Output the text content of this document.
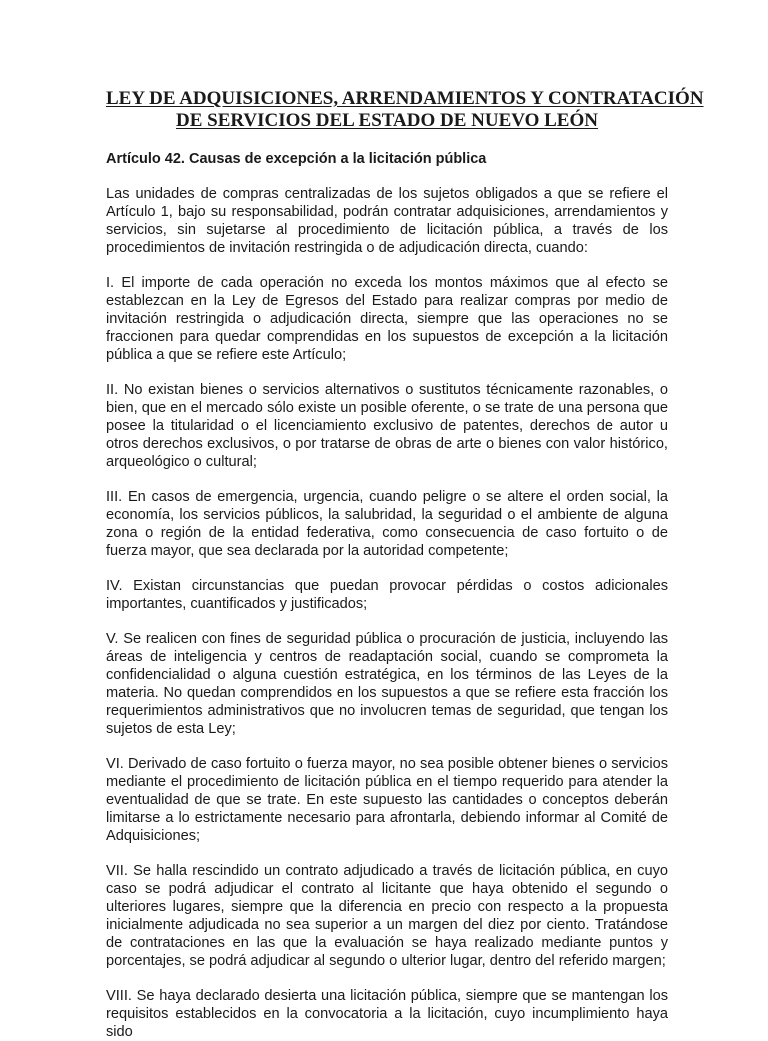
LEY DE ADQUISICIONES, ARRENDAMIENTOS Y CONTRATACIÓN
DE SERVICIOS DEL ESTADO DE NUEVO LEÓN
Artículo 42. Causas de excepción a la licitación pública

Las unidades de compras centralizadas de los sujetos obligados a que se refiere el Artículo 1, bajo su responsabilidad, podrán contratar adquisiciones, arrendamientos y servicios, sin sujetarse al procedimiento de licitación pública, a través de los procedimientos de invitación restringida o de adjudicación directa, cuando:

I. El importe de cada operación no exceda los montos máximos que al efecto se establezcan en la Ley de Egresos del Estado para realizar compras por medio de invitación restringida o adjudicación directa, siempre que las operaciones no se fraccionen para quedar comprendidas en los supuestos de excepción a la licitación pública a que se refiere este Artículo;

II. No existan bienes o servicios alternativos o sustitutos técnicamente razonables, o bien, que en el mercado sólo existe un posible oferente, o se trate de una persona que posee la titularidad o el licenciamiento exclusivo de patentes, derechos de autor u otros derechos exclusivos, o por tratarse de obras de arte o bienes con valor histórico, arqueológico o cultural;

III. En casos de emergencia, urgencia, cuando peligre o se altere el orden social, la economía, los servicios públicos, la salubridad, la seguridad o el ambiente de alguna zona o región de la entidad federativa, como consecuencia de caso fortuito o de fuerza mayor, que sea declarada por la autoridad competente;

IV. Existan circunstancias que puedan provocar pérdidas o costos adicionales importantes, cuantificados y justificados;

V. Se realicen con fines de seguridad pública o procuración de justicia, incluyendo las áreas de inteligencia y centros de readaptación social, cuando se comprometa la confidencialidad o alguna cuestión estratégica, en los términos de las Leyes de la materia. No quedan comprendidos en los supuestos a que se refiere esta fracción los requerimientos administrativos que no involucren temas de seguridad, que tengan los sujetos de esta Ley;

VI. Derivado de caso fortuito o fuerza mayor, no sea posible obtener bienes o servicios mediante el procedimiento de licitación pública en el tiempo requerido para atender la eventualidad de que se trate. En este supuesto las cantidades o conceptos deberán limitarse a lo estrictamente necesario para afrontarla, debiendo informar al Comité de Adquisiciones;

VII. Se halla rescindido un contrato adjudicado a través de licitación pública, en cuyo caso se podrá adjudicar el contrato al licitante que haya obtenido el segundo o ulteriores lugares, siempre que la diferencia en precio con respecto a la propuesta inicialmente adjudicada no sea superior a un margen del diez por ciento. Tratándose de contrataciones en las que la evaluación se haya realizado mediante puntos y porcentajes, se podrá adjudicar al segundo o ulterior lugar, dentro del referido margen;

VIII. Se haya declarado desierta una licitación pública, siempre que se mantengan los requisitos establecidos en la convocatoria a la licitación, cuyo incumplimiento haya sido
